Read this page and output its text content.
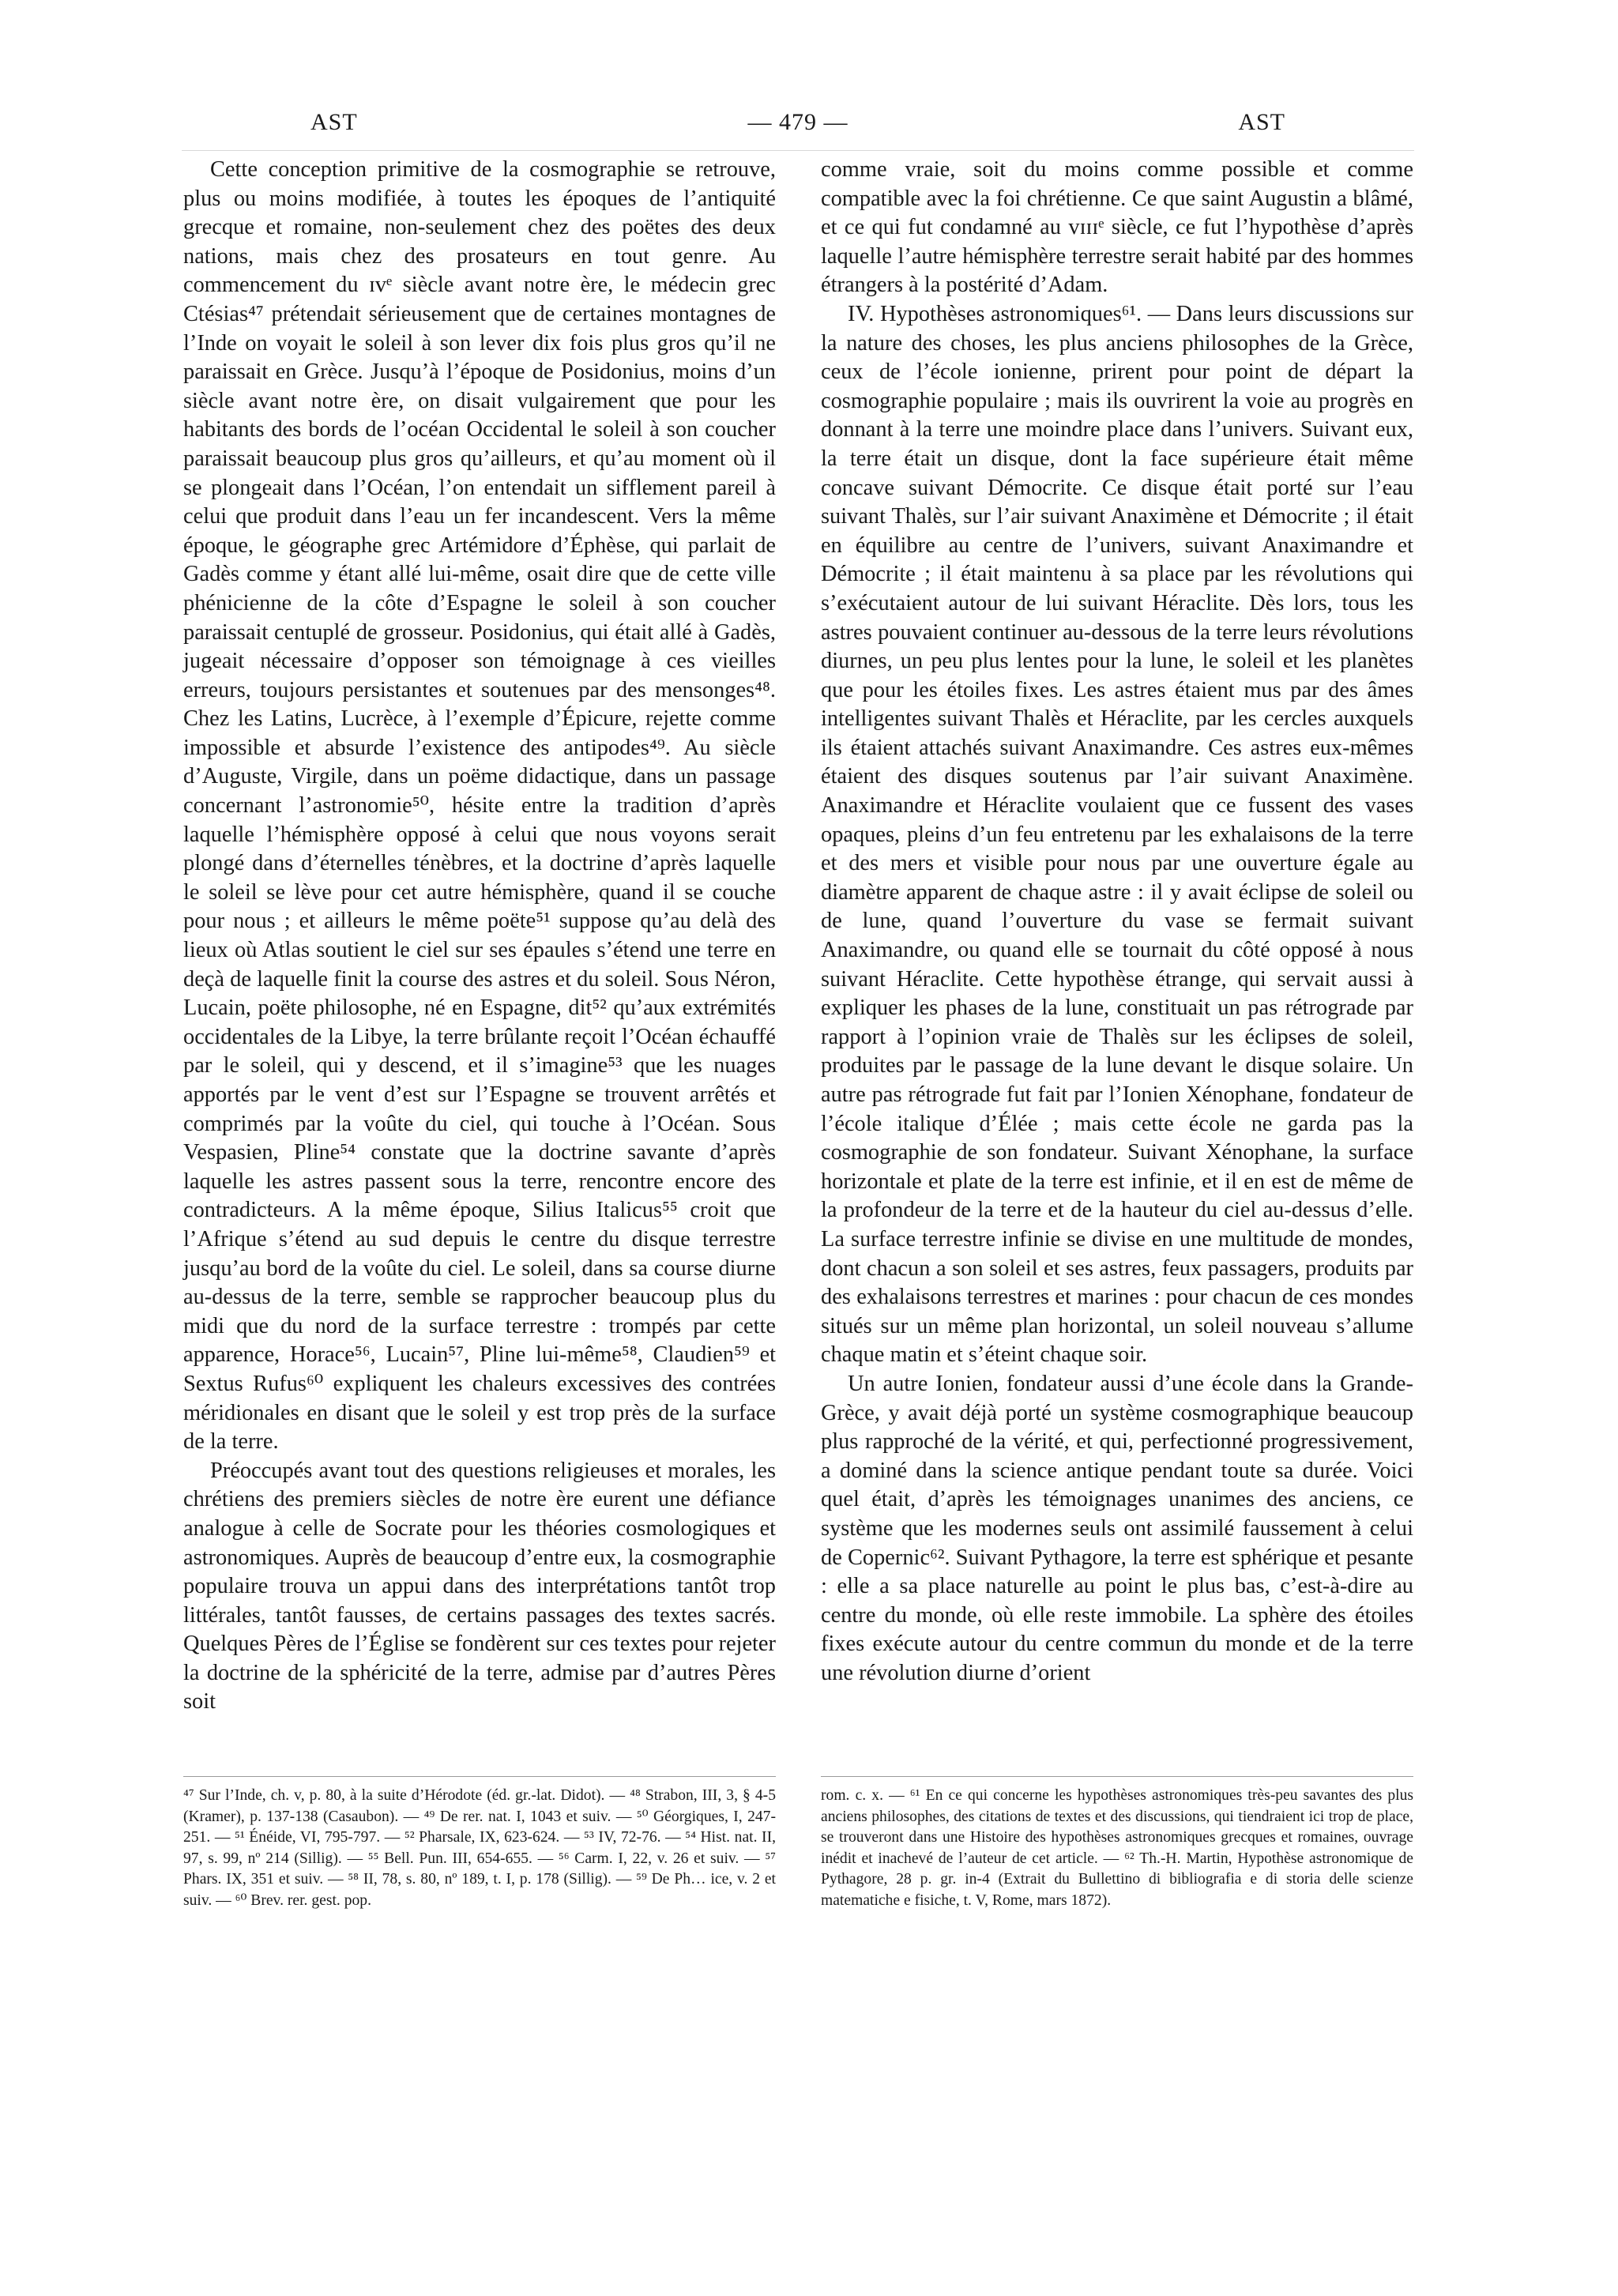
AST	— 479 —	AST

Cette conception primitive de la cosmographie se retrouve, plus ou moins modifiée, à toutes les époques de l’antiquité grecque et romaine, non-seulement chez des poëtes des deux nations, mais chez des prosateurs en tout genre. Au commencement du ɪvᵉ siècle avant notre ère, le médecin grec Ctésias⁴⁷ prétendait sérieusement que de certaines montagnes de l’Inde on voyait le soleil à son lever dix fois plus gros qu’il ne paraissait en Grèce. Jusqu’à l’époque de Posidonius, moins d’un siècle avant notre ère, on disait vulgairement que pour les habitants des bords de l’océan Occidental le soleil à son coucher paraissait beaucoup plus gros qu’ailleurs, et qu’au moment où il se plongeait dans l’Océan, l’on entendait un sifflement pareil à celui que produit dans l’eau un fer incandescent. Vers la même époque, le géographe grec Artémidore d’Éphèse, qui parlait de Gadès comme y étant allé lui-même, osait dire que de cette ville phénicienne de la côte d’Espagne le soleil à son coucher paraissait centuplé de grosseur. Posidonius, qui était allé à Gadès, jugeait nécessaire d’opposer son témoignage à ces vieilles erreurs, toujours persistantes et soutenues par des mensonges⁴⁸. Chez les Latins, Lucrèce, à l’exemple d’Épicure, rejette comme impossible et absurde l’existence des antipodes⁴⁹. Au siècle d’Auguste, Virgile, dans un poëme didactique, dans un passage concernant l’astronomie⁵⁰, hésite entre la tradition d’après laquelle l’hémisphère opposé à celui que nous voyons serait plongé dans d’éternelles ténèbres, et la doctrine d’après laquelle le soleil se lève pour cet autre hémisphère, quand il se couche pour nous ; et ailleurs le même poëte⁵¹ suppose qu’au delà des lieux où Atlas soutient le ciel sur ses épaules s’étend une terre en deçà de laquelle finit la course des astres et du soleil. Sous Néron, Lucain, poëte philosophe, né en Espagne, dit⁵² qu’aux extrémités occidentales de la Libye, la terre brûlante reçoit l’Océan échauffé par le soleil, qui y descend, et il s’imagine⁵³ que les nuages apportés par le vent d’est sur l’Espagne se trouvent arrêtés et comprimés par la voûte du ciel, qui touche à l’Océan. Sous Vespasien, Pline⁵⁴ constate que la doctrine savante d’après laquelle les astres passent sous la terre, rencontre encore des contradicteurs. A la même époque, Silius Italicus⁵⁵ croit que l’Afrique s’étend au sud depuis le centre du disque terrestre jusqu’au bord de la voûte du ciel. Le soleil, dans sa course diurne au-dessus de la terre, semble se rapprocher beaucoup plus du midi que du nord de la surface terrestre : trompés par cette apparence, Horace⁵⁶, Lucain⁵⁷, Pline lui-même⁵⁸, Claudien⁵⁹ et Sextus Rufus⁶⁰ expliquent les chaleurs excessives des contrées méridionales en disant que le soleil y est trop près de la surface de la terre.

Préoccupés avant tout des questions religieuses et morales, les chrétiens des premiers siècles de notre ère eurent une défiance analogue à celle de Socrate pour les théories cosmologiques et astronomiques. Auprès de beaucoup d’entre eux, la cosmographie populaire trouva un appui dans des interprétations tantôt trop littérales, tantôt fausses, de certains passages des textes sacrés. Quelques Pères de l’Église se fondèrent sur ces textes pour rejeter la doctrine de la sphéricité de la terre, admise par d’autres Pères soit

comme vraie, soit du moins comme possible et comme compatible avec la foi chrétienne. Ce que saint Augustin a blâmé, et ce qui fut condamné au ᴠɪɪɪᵉ siècle, ce fut l’hypothèse d’après laquelle l’autre hémisphère terrestre serait habité par des hommes étrangers à la postérité d’Adam.

IV. Hypothèses astronomiques⁶¹. — Dans leurs discussions sur la nature des choses, les plus anciens philosophes de la Grèce, ceux de l’école ionienne, prirent pour point de départ la cosmographie populaire ; mais ils ouvrirent la voie au progrès en donnant à la terre une moindre place dans l’univers. Suivant eux, la terre était un disque, dont la face supérieure était même concave suivant Démocrite. Ce disque était porté sur l’eau suivant Thalès, sur l’air suivant Anaximène et Démocrite ; il était en équilibre au centre de l’univers, suivant Anaximandre et Démocrite ; il était maintenu à sa place par les révolutions qui s’exécutaient autour de lui suivant Héraclite. Dès lors, tous les astres pouvaient continuer au-dessous de la terre leurs révolutions diurnes, un peu plus lentes pour la lune, le soleil et les planètes que pour les étoiles fixes. Les astres étaient mus par des âmes intelligentes suivant Thalès et Héraclite, par les cercles auxquels ils étaient attachés suivant Anaximandre. Ces astres eux-mêmes étaient des disques soutenus par l’air suivant Anaximène. Anaximandre et Héraclite voulaient que ce fussent des vases opaques, pleins d’un feu entretenu par les exhalaisons de la terre et des mers et visible pour nous par une ouverture égale au diamètre apparent de chaque astre : il y avait éclipse de soleil ou de lune, quand l’ouverture du vase se fermait suivant Anaximandre, ou quand elle se tournait du côté opposé à nous suivant Héraclite. Cette hypothèse étrange, qui servait aussi à expliquer les phases de la lune, constituait un pas rétrograde par rapport à l’opinion vraie de Thalès sur les éclipses de soleil, produites par le passage de la lune devant le disque solaire. Un autre pas rétrograde fut fait par l’Ionien Xénophane, fondateur de l’école italique d’Élée ; mais cette école ne garda pas la cosmographie de son fondateur. Suivant Xénophane, la surface horizontale et plate de la terre est infinie, et il en est de même de la profondeur de la terre et de la hauteur du ciel au-dessus d’elle. La surface terrestre infinie se divise en une multitude de mondes, dont chacun a son soleil et ses astres, feux passagers, produits par des exhalaisons terrestres et marines : pour chacun de ces mondes situés sur un même plan horizontal, un soleil nouveau s’allume chaque matin et s’éteint chaque soir.

Un autre Ionien, fondateur aussi d’une école dans la Grande-Grèce, y avait déjà porté un système cosmographique beaucoup plus rapproché de la vérité, et qui, perfectionné progressivement, a dominé dans la science antique pendant toute sa durée. Voici quel était, d’après les témoignages unanimes des anciens, ce système que les modernes seuls ont assimilé faussement à celui de Copernic⁶². Suivant Pythagore, la terre est sphérique et pesante : elle a sa place naturelle au point le plus bas, c’est-à-dire au centre du monde, où elle reste immobile. La sphère des étoiles fixes exécute autour du centre commun du monde et de la terre une révolution diurne d’orient

⁴⁷ Sur l’Inde, ch. v, p. 80, à la suite d’Hérodote (éd. gr.-lat. Didot). — ⁴⁸ Strabon, III, 3, § 4-5 (Kramer), p. 137-138 (Casaubon). — ⁴⁹ De rer. nat. I, 1043 et suiv. — ⁵⁰ Géorgiques, I, 247-251. — ⁵¹ Énéide, VI, 795-797. — ⁵² Pharsale, IX, 623-624. — ⁵³ IV, 72-76. — ⁵⁴ Hist. nat. II, 97, s. 99, nº 214 (Sillig). — ⁵⁵ Bell. Pun. III, 654-655. — ⁵⁶ Carm. I, 22, v. 26 et suiv. — ⁵⁷ Phars. IX, 351 et suiv. — ⁵⁸ II, 78, s. 80, nº 189, t. I, p. 178 (Sillig). — ⁵⁹ De Ph… ice, v. 2 et suiv. — ⁶⁰ Brev. rer. gest. pop.
rom. c. x. — ⁶¹ En ce qui concerne les hypothèses astronomiques très-peu savantes des plus anciens philosophes, des citations de textes et des discussions, qui tiendraient ici trop de place, se trouveront dans une Histoire des hypothèses astronomiques grecques et romaines, ouvrage inédit et inachevé de l’auteur de cet article. — ⁶² Th.-H. Martin, Hypothèse astronomique de Pythagore, 28 p. gr. in-4 (Extrait du Bullettino di bibliografia e di storia delle scienze matematiche e fisiche, t. V, Rome, mars 1872).
